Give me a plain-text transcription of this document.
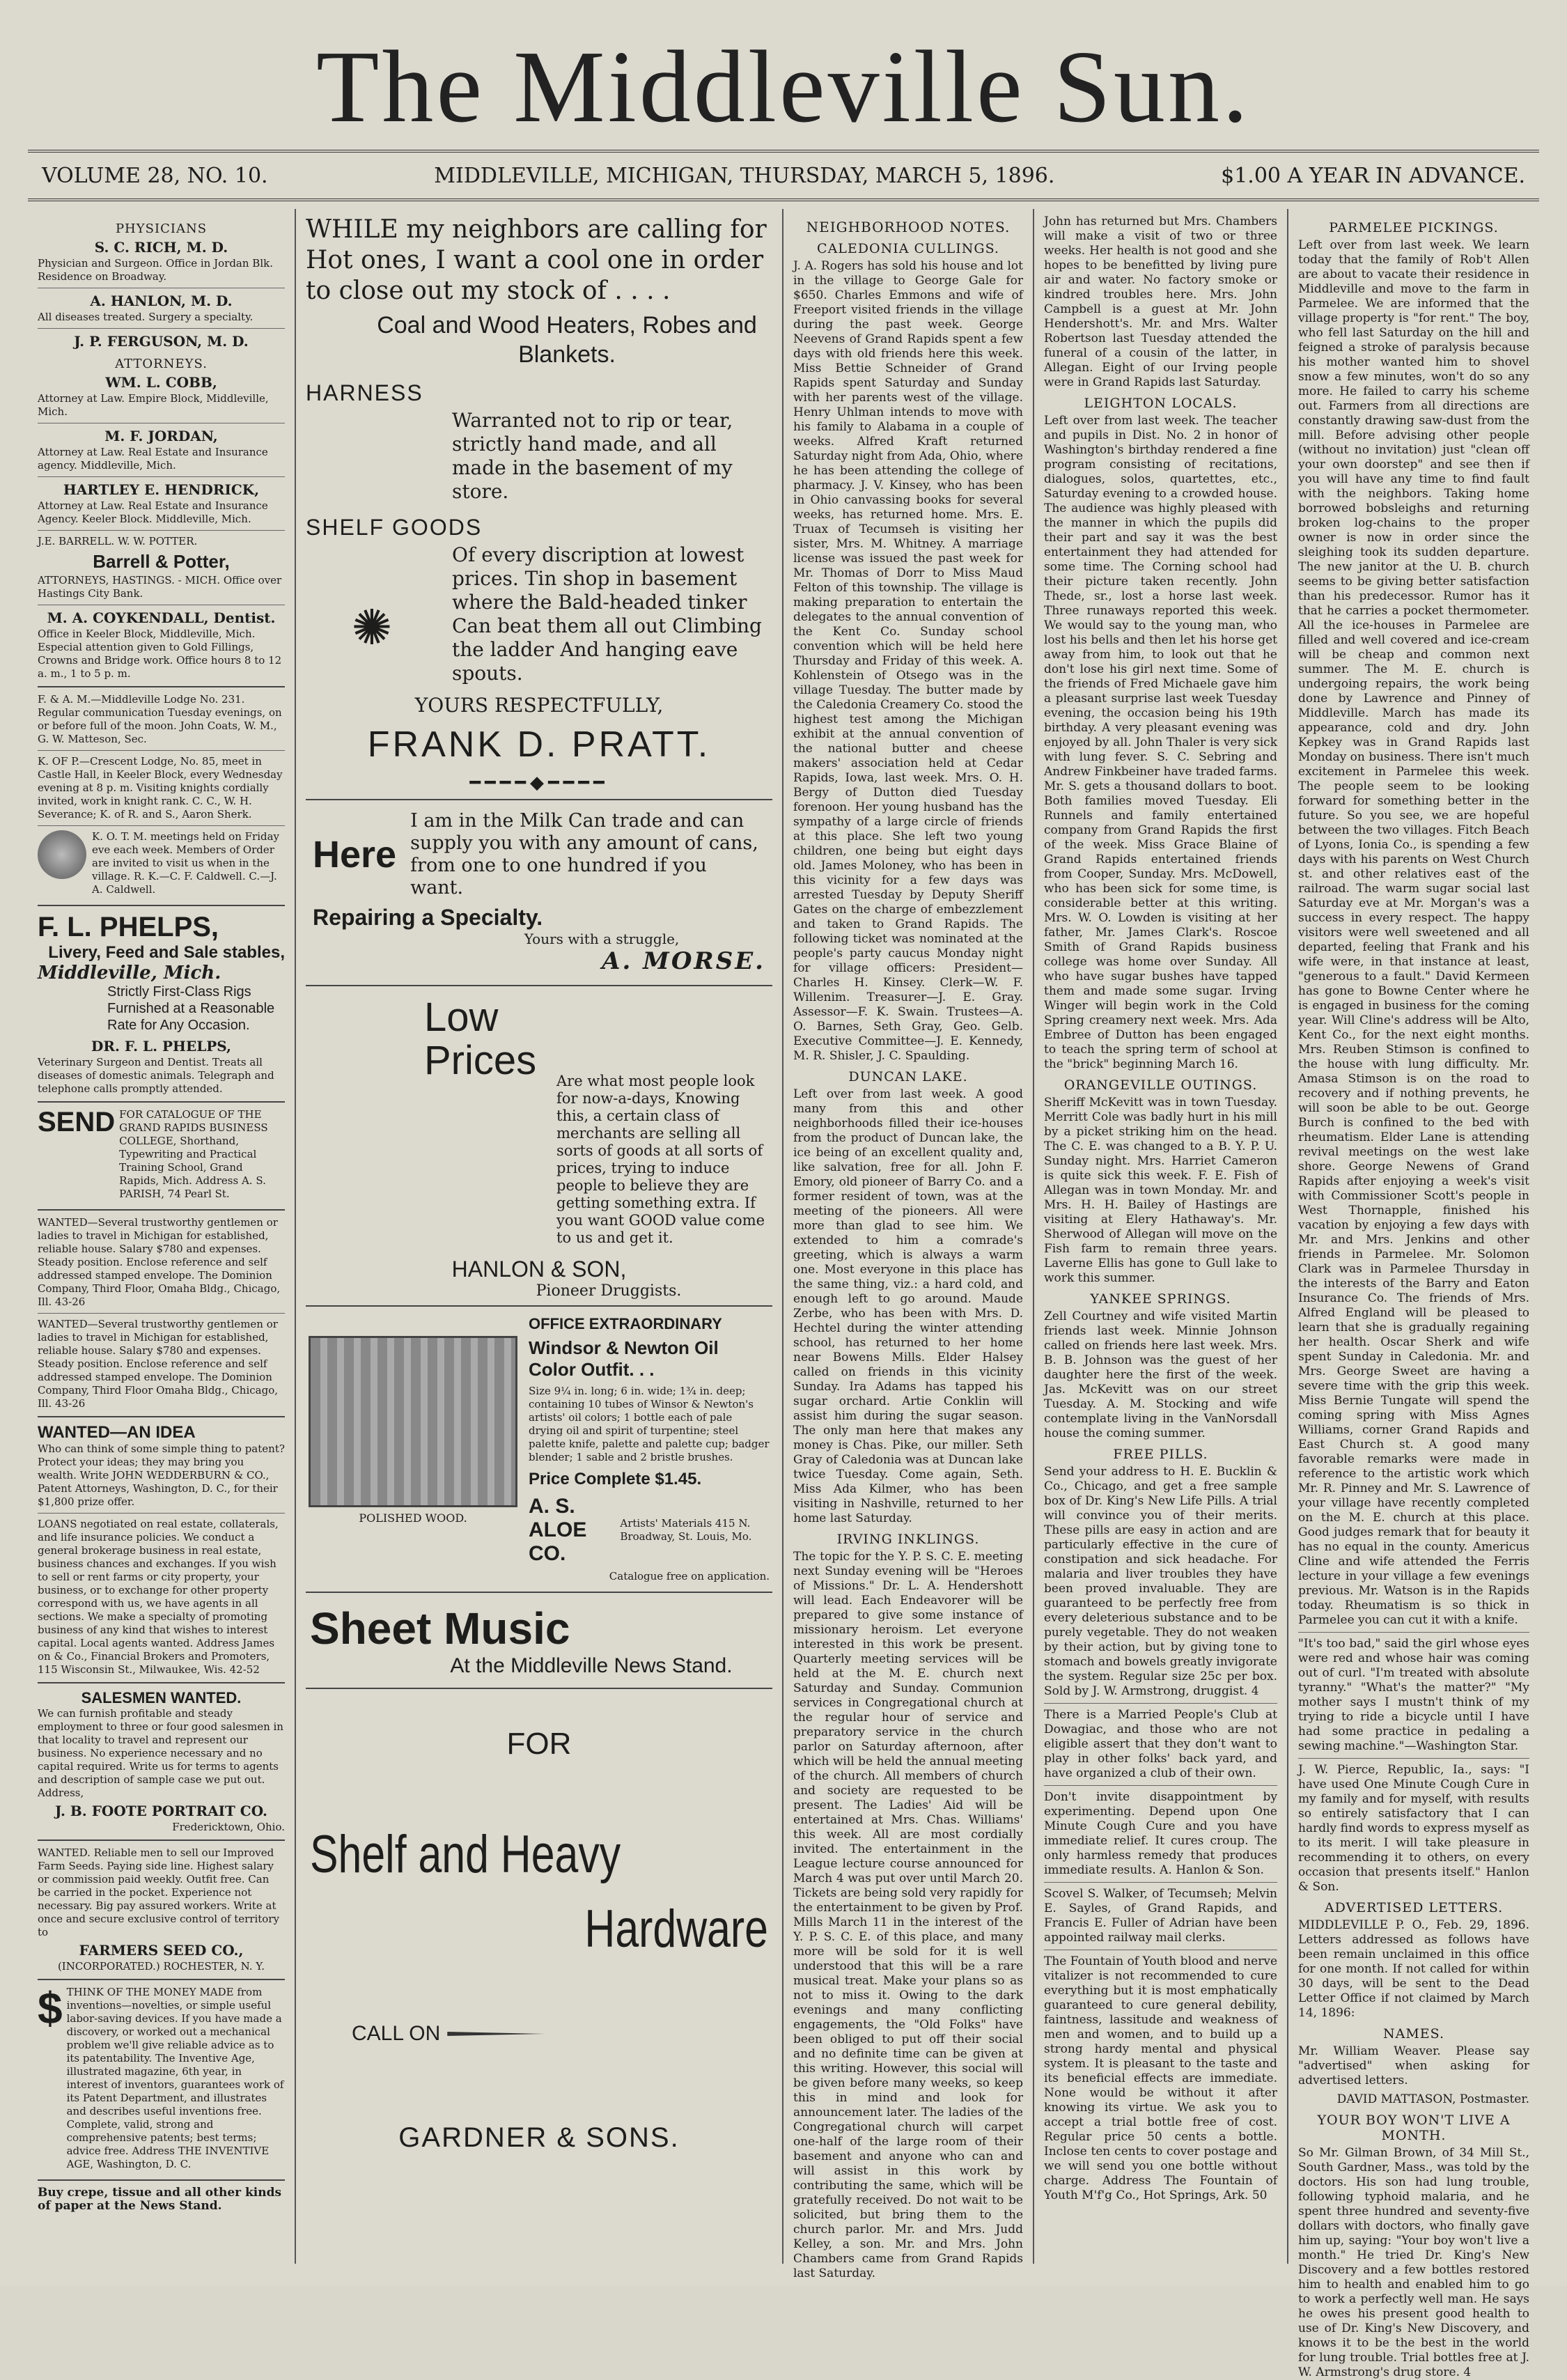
The Middleville Sun.
VOLUME 28, NO. 10.	MIDDLEVILLE, MICHIGAN, THURSDAY, MARCH 5, 1896.	$1.00 A YEAR IN ADVANCE.
PHYSICIANS
S. C. RICH, M. D.
Physician and Surgeon. Office in Jordan Blk. Residence on Broadway.
A. HANLON, M. D.
All diseases treated. Surgery a specialty.
J. P. FERGUSON, M. D.
ATTORNEYS.
WM. L. COBB,
Attorney at Law. Empire Block, Middleville, Mich.
M. F. JORDAN,
Attorney at Law. Real Estate and Insurance agency. Middleville, Mich.
HARTLEY E. HENDRICK,
Attorney at Law. Real Estate and Insurance Agency. Keeler Block. Middleville, Mich.
J.E. BARRELL. W. W. POTTER.
Barrell & Potter,
ATTORNEYS, HASTINGS. - MICH. Office over Hastings City Bank.
M. A. COYKENDALL, Dentist.
Office in Keeler Block, Middleville, Mich. Especial attention given to Gold Fillings, Crowns and Bridge work. Office hours 8 to 12 a. m., 1 to 5 p. m.
F. & A. M.—Middleville Lodge No. 231. Regular communication Tuesday evenings, on or before full of the moon. John Coats, W. M., G. W. Matteson, Sec.
K. OF P.—Crescent Lodge, No. 85, meet in Castle Hall, in Keeler Block, every Wednesday evening at 8 p. m. Visiting knights cordially invited, work in knight rank. C. C., W. H. Severance; K. of R. and S., Aaron Sherk.
K. O. T. M. meetings held on Friday eve each week. Members of Order are invited to visit us when in the village. R. K.—C. F. Caldwell. C.—J. A. Caldwell.
F. L. PHELPS,
Livery, Feed and Sale stables,
Middleville, Mich.
Strictly First-Class Rigs Furnished at a Reasonable Rate for Any Occasion.
DR. F. L. PHELPS,
Veterinary Surgeon and Dentist. Treats all diseases of domestic animals. Telegraph and telephone calls promptly attended.
SEND FOR CATALOGUE OF THE GRAND RAPIDS BUSINESS COLLEGE, Shorthand, Typewriting and Practical Training School, Grand Rapids, Mich. Address A. S. PARISH, 74 Pearl St.
WANTED—Several trustworthy gentlemen or ladies to travel in Michigan for established, reliable house. Salary $780 and expenses. Steady position. Enclose reference and self addressed stamped envelope. The Dominion Company, Third Floor, Omaha Bldg., Chicago, Ill. 43-26
WANTED—Several trustworthy gentlemen or ladies to travel in Michigan for established, reliable house. Salary $780 and expenses. Steady position. Enclose reference and self addressed stamped envelope. The Dominion Company, Third Floor Omaha Bldg., Chicago, Ill. 43-26
WANTED—AN IDEA
Who can think of some simple thing to patent? Protect your ideas; they may bring you wealth. Write JOHN WEDDERBURN & CO., Patent Attorneys, Washington, D. C., for their $1,800 prize offer.
LOANS negotiated on real estate, collaterals, and life insurance policies. We conduct a general brokerage business in real estate, business chances and exchanges. If you wish to sell or rent farms or city property, your business, or to exchange for other property correspond with us, we have agents in all sections. We make a specialty of promoting business of any kind that wishes to interest capital. Local agents wanted. Address James on & Co., Financial Brokers and Promoters, 115 Wisconsin St., Milwaukee, Wis. 42-52
SALESMEN WANTED.
We can furnish profitable and steady employment to three or four good salesmen in that locality to travel and represent our business. No experience necessary and no capital required. Write us for terms to agents and description of sample case we put out. Address,
J. B. FOOTE PORTRAIT CO.
Fredericktown, Ohio.
WANTED. Reliable men to sell our Improved Farm Seeds. Paying side line. Highest salary or commission paid weekly. Outfit free. Can be carried in the pocket. Experience not necessary. Big pay assured workers. Write at once and secure exclusive control of territory to
FARMERS SEED CO.,
(INCORPORATED.) ROCHESTER, N. Y.
$ THINK OF THE MONEY MADE from inventions—novelties, or simple useful labor-saving devices. If you have made a discovery, or worked out a mechanical problem we'll give reliable advice as to its patentability. The Inventive Age, illustrated magazine, 6th year, in interest of inventors, guarantees work of its Patent Department, and illustrates and describes useful inventions free. Complete, valid, strong and comprehensive patents; best terms; advice free. Address THE INVENTIVE AGE, Washington, D. C.
Buy crepe, tissue and all other kinds of paper at the News Stand.
WHILE my neighbors are calling for Hot ones, I want a cool one in order to close out my stock of . . . .
Coal and Wood Heaters, Robes and Blankets.
HARNESS
Warranted not to rip or tear, strictly hand made, and all made in the basement of my store.
SHELF GOODS
✺
Of every discription at lowest prices. Tin shop in basement where the Bald-headed tinker Can beat them all out Climbing the ladder And hanging eave spouts.
YOURS RESPECTFULLY,
FRANK D. PRATT.
━━━━◆━━━━
Here
I am in the Milk Can trade and can supply you with any amount of cans, from one to one hundred if you want.
Repairing a Specialty.
Yours with a struggle,
A. MORSE.
Low Prices	Are what most people look for now-a-days, Knowing this, a certain class of merchants are selling all sorts of goods at all sorts of prices, trying to induce people to believe they are getting something extra. If you want GOOD value come to us and get it.
HANLON & SON,
Pioneer Druggists.
POLISHED WOOD.
OFFICE EXTRAORDINARY
Windsor & Newton Oil Color Outfit. . .
Size 9¼ in. long; 6 in. wide; 1¾ in. deep; containing 10 tubes of Winsor & Newton's artists' oil colors; 1 bottle each of pale drying oil and spirit of turpentine; steel palette knife, palette and palette cup; badger blender; 1 sable and 2 bristle brushes.
Price Complete $1.45.
A. S. ALOE CO.
Artists' Materials 415 N. Broadway, St. Louis, Mo.
Catalogue free on application.
Sheet Music
At the Middleville News Stand.
FOR
Shelf and Heavy
Hardware
CALL ON
GARDNER & SONS.
NEIGHBORHOOD NOTES.
CALEDONIA CULLINGS.

J. A. Rogers has sold his house and lot in the village to George Gale for $650. Charles Emmons and wife of Freeport visited friends in the village during the past week. George Neevens of Grand Rapids spent a few days with old friends here this week. Miss Bettie Schneider of Grand Rapids spent Saturday and Sunday with her parents west of the village. Henry Uhlman intends to move with his family to Alabama in a couple of weeks. Alfred Kraft returned Saturday night from Ada, Ohio, where he has been attending the college of pharmacy. J. V. Kinsey, who has been in Ohio canvassing books for several weeks, has returned home. Mrs. E. Truax of Tecumseh is visiting her sister, Mrs. M. Whitney. A marriage license was issued the past week for Mr. Thomas of Dorr to Miss Maud Felton of this township. The village is making preparation to entertain the delegates to the annual convention of the Kent Co. Sunday school convention which will be held here Thursday and Friday of this week. A. Kohlenstein of Otsego was in the village Tuesday. The butter made by the Caledonia Creamery Co. stood the highest test among the Michigan exhibit at the annual convention of the national butter and cheese makers' association held at Cedar Rapids, Iowa, last week. Mrs. O. H. Bergy of Dutton died Tuesday forenoon. Her young husband has the sympathy of a large circle of friends at this place. She left two young children, one being but eight days old. James Moloney, who has been in this vicinity for a few days was arrested Tuesday by Deputy Sheriff Gates on the charge of embezzlement and taken to Grand Rapids. The following ticket was nominated at the people's party caucus Monday night for village officers: President—Charles H. Kinsey. Clerk—W. F. Willenim. Treasurer—J. E. Gray. Assessor—F. K. Swain. Trustees—A. O. Barnes, Seth Gray, Geo. Gelb. Executive Committee—J. E. Kennedy, M. R. Shisler, J. C. Spaulding.

DUNCAN LAKE.

Left over from last week. A good many from this and other neighborhoods filled their ice-houses from the product of Duncan lake, the ice being of an excellent quality and, like salvation, free for all. John F. Emory, old pioneer of Barry Co. and a former resident of town, was at the meeting of the pioneers. All were more than glad to see him. We extended to him a comrade's greeting, which is always a warm one. Most everyone in this place has the same thing, viz.: a hard cold, and enough left to go around. Maude Zerbe, who has been with Mrs. D. Hechtel during the winter attending school, has returned to her home near Bowens Mills. Elder Halsey called on friends in this vicinity Sunday. Ira Adams has tapped his sugar orchard. Artie Conklin will assist him during the sugar season. The only man here that makes any money is Chas. Pike, our miller. Seth Gray of Caledonia was at Duncan lake twice Tuesday. Come again, Seth. Miss Ada Kilmer, who has been visiting in Nashville, returned to her home last Saturday.

IRVING INKLINGS.

The topic for the Y. P. S. C. E. meeting next Sunday evening will be "Heroes of Missions." Dr. L. A. Hendershott will lead. Each Endeavorer will be prepared to give some instance of missionary heroism. Let everyone interested in this work be present. Quarterly meeting services will be held at the M. E. church next Saturday and Sunday. Communion services in Congregational church at the regular hour of service and preparatory service in the church parlor on Saturday afternoon, after which will be held the annual meeting of the church. All members of church and society are requested to be present. The Ladies' Aid will be entertained at Mrs. Chas. Williams' this week. All are most cordially invited. The entertainment in the League lecture course announced for March 4 was put over until March 20. Tickets are being sold very rapidly for the entertainment to be given by Prof. Mills March 11 in the interest of the Y. P. S. C. E. of this place, and many more will be sold for it is well understood that this will be a rare musical treat. Make your plans so as not to miss it. Owing to the dark evenings and many conflicting engagements, the "Old Folks" have been obliged to put off their social and no definite time can be given at this writing. However, this social will be given before many weeks, so keep this in mind and look for announcement later. The ladies of the Congregational church will carpet one-half of the large room of their basement and anyone who can and will assist in this work by contributing the same, which will be gratefully received. Do not wait to be solicited, but bring them to the church parlor. Mr. and Mrs. Judd Kelley, a son. Mr. and Mrs. John Chambers came from Grand Rapids last Saturday.

John has returned but Mrs. Chambers will make a visit of two or three weeks. Her health is not good and she hopes to be benefitted by living pure air and water. No factory smoke or kindred troubles here. Mrs. John Campbell is a guest at Mr. John Hendershott's. Mr. and Mrs. Walter Robertson last Tuesday attended the funeral of a cousin of the latter, in Allegan. Eight of our Irving people were in Grand Rapids last Saturday.

LEIGHTON LOCALS.

Left over from last week. The teacher and pupils in Dist. No. 2 in honor of Washington's birthday rendered a fine program consisting of recitations, dialogues, solos, quartettes, etc., Saturday evening to a crowded house. The audience was highly pleased with the manner in which the pupils did their part and say it was the best entertainment they had attended for some time. The Corning school had their picture taken recently. John Thede, sr., lost a horse last week. Three runaways reported this week. We would say to the young man, who lost his bells and then let his horse get away from him, to look out that he don't lose his girl next time. Some of the friends of Fred Michaele gave him a pleasant surprise last week Tuesday evening, the occasion being his 19th birthday. A very pleasant evening was enjoyed by all. John Thaler is very sick with lung fever. S. C. Sebring and Andrew Finkbeiner have traded farms. Mr. S. gets a thousand dollars to boot. Both families moved Tuesday. Eli Runnels and family entertained company from Grand Rapids the first of the week. Miss Grace Blaine of Grand Rapids entertained friends from Cooper, Sunday. Mrs. McDowell, who has been sick for some time, is considerable better at this writing. Mrs. W. O. Lowden is visiting at her father, Mr. James Clark's. Roscoe Smith of Grand Rapids business college was home over Sunday. All who have sugar bushes have tapped them and made some sugar. Irving Winger will begin work in the Cold Spring creamery next week. Mrs. Ada Embree of Dutton has been engaged to teach the spring term of school at the "brick" beginning March 16.

ORANGEVILLE OUTINGS.

Sheriff McKevitt was in town Tuesday. Merritt Cole was badly hurt in his mill by a picket striking him on the head. The C. E. was changed to a B. Y. P. U. Sunday night. Mrs. Harriet Cameron is quite sick this week. F. E. Fish of Allegan was in town Monday. Mr. and Mrs. H. H. Bailey of Hastings are visiting at Elery Hathaway's. Mr. Sherwood of Allegan will move on the Fish farm to remain three years. Laverne Ellis has gone to Gull lake to work this summer.

YANKEE SPRINGS.

Zell Courtney and wife visited Martin friends last week. Minnie Johnson called on friends here last week. Mrs. B. B. Johnson was the guest of her daughter here the first of the week. Jas. McKevitt was on our street Tuesday. A. M. Stocking and wife contemplate living in the VanNorsdall house the coming summer.

FREE PILLS.

Send your address to H. E. Bucklin & Co., Chicago, and get a free sample box of Dr. King's New Life Pills. A trial will convince you of their merits. These pills are easy in action and are particularly effective in the cure of constipation and sick headache. For malaria and liver troubles they have been proved invaluable. They are guaranteed to be perfectly free from every deleterious substance and to be purely vegetable. They do not weaken by their action, but by giving tone to stomach and bowels greatly invigorate the system. Regular size 25c per box. Sold by J. W. Armstrong, druggist. 4

There is a Married People's Club at Dowagiac, and those who are not eligible assert that they don't want to play in other folks' back yard, and have organized a club of their own.

Don't invite disappointment by experimenting. Depend upon One Minute Cough Cure and you have immediate relief. It cures croup. The only harmless remedy that produces immediate results. A. Hanlon & Son.

Scovel S. Walker, of Tecumseh; Melvin E. Sayles, of Grand Rapids, and Francis E. Fuller of Adrian have been appointed railway mail clerks.

The Fountain of Youth blood and nerve vitalizer is not recommended to cure everything but it is most emphatically guaranteed to cure general debility, faintness, lassitude and weakness of men and women, and to build up a strong hardy mental and physical system. It is pleasant to the taste and its beneficial effects are immediate. None would be without it after knowing its virtue. We ask you to accept a trial bottle free of cost. Regular price 50 cents a bottle. Inclose ten cents to cover postage and we will send you one bottle without charge. Address The Fountain of Youth M'f'g Co., Hot Springs, Ark. 50

PARMELEE PICKINGS.

Left over from last week. We learn today that the family of Rob't Allen are about to vacate their residence in Middleville and move to the farm in Parmelee. We are informed that the village property is "for rent." The boy, who fell last Saturday on the hill and feigned a stroke of paralysis because his mother wanted him to shovel snow a few minutes, won't do so any more. He failed to carry his scheme out. Farmers from all directions are constantly drawing saw-dust from the mill. Before advising other people (without no invitation) just "clean off your own doorstep" and see then if you will have any time to find fault with the neighbors. Taking home borrowed bobsleighs and returning broken log-chains to the proper owner is now in order since the sleighing took its sudden departure. The new janitor at the U. B. church seems to be giving better satisfaction than his predecessor. Rumor has it that he carries a pocket thermometer. All the ice-houses in Parmelee are filled and well covered and ice-cream will be cheap and common next summer. The M. E. church is undergoing repairs, the work being done by Lawrence and Pinney of Middleville. March has made its appearance, cold and dry. John Kepkey was in Grand Rapids last Monday on business. There isn't much excitement in Parmelee this week. The people seem to be looking forward for something better in the future. So you see, we are hopeful between the two villages. Fitch Beach of Lyons, Ionia Co., is spending a few days with his parents on West Church st. and other relatives east of the railroad. The warm sugar social last Saturday eve at Mr. Morgan's was a success in every respect. The happy visitors were well sweetened and all departed, feeling that Frank and his wife were, in that instance at least, "generous to a fault." David Kermeen has gone to Bowne Center where he is engaged in business for the coming year. Will Cline's address will be Alto, Kent Co., for the next eight months. Mrs. Reuben Stimson is confined to the house with lung difficulty. Mr. Amasa Stimson is on the road to recovery and if nothing prevents, he will soon be able to be out. George Burch is confined to the bed with rheumatism. Elder Lane is attending revival meetings on the west lake shore. George Newens of Grand Rapids after enjoying a week's visit with Commissioner Scott's people in West Thornapple, finished his vacation by enjoying a few days with Mr. and Mrs. Jenkins and other friends in Parmelee. Mr. Solomon Clark was in Parmelee Thursday in the interests of the Barry and Eaton Insurance Co. The friends of Mrs. Alfred England will be pleased to learn that she is gradually regaining her health. Oscar Sherk and wife spent Sunday in Caledonia. Mr. and Mrs. George Sweet are having a severe time with the grip this week. Miss Bernie Tungate will spend the coming spring with Miss Agnes Williams, corner Grand Rapids and East Church st. A good many favorable remarks were made in reference to the artistic work which Mr. R. Pinney and Mr. S. Lawrence of your village have recently completed on the M. E. church at this place. Good judges remark that for beauty it has no equal in the county. Americus Cline and wife attended the Ferris lecture in your village a few evenings previous. Mr. Watson is in the Rapids today. Rheumatism is so thick in Parmelee you can cut it with a knife.

"It's too bad," said the girl whose eyes were red and whose hair was coming out of curl. "I'm treated with absolute tyranny." "What's the matter?" "My mother says I mustn't think of my trying to ride a bicycle until I have had some practice in pedaling a sewing machine."—Washington Star.

J. W. Pierce, Republic, Ia., says: "I have used One Minute Cough Cure in my family and for myself, with results so entirely satisfactory that I can hardly find words to express myself as to its merit. I will take pleasure in recommending it to others, on every occasion that presents itself." Hanlon & Son.

ADVERTISED LETTERS.

MIDDLEVILLE P. O., Feb. 29, 1896. Letters addressed as follows have been remain unclaimed in this office for one month. If not called for within 30 days, will be sent to the Dead Letter Office if not claimed by March 14, 1896:

NAMES.

Mr. William Weaver. Please say "advertised" when asking for advertised letters.

DAVID MATTASON, Postmaster.

YOUR BOY WON'T LIVE A MONTH.

So Mr. Gilman Brown, of 34 Mill St., South Gardner, Mass., was told by the doctors. His son had lung trouble, following typhoid malaria, and he spent three hundred and seventy-five dollars with doctors, who finally gave him up, saying: "Your boy won't live a month." He tried Dr. King's New Discovery and a few bottles restored him to health and enabled him to go to work a perfectly well man. He says he owes his present good health to use of Dr. King's New Discovery, and knows it to be the best in the world for lung trouble. Trial bottles free at J. W. Armstrong's drug store. 4
